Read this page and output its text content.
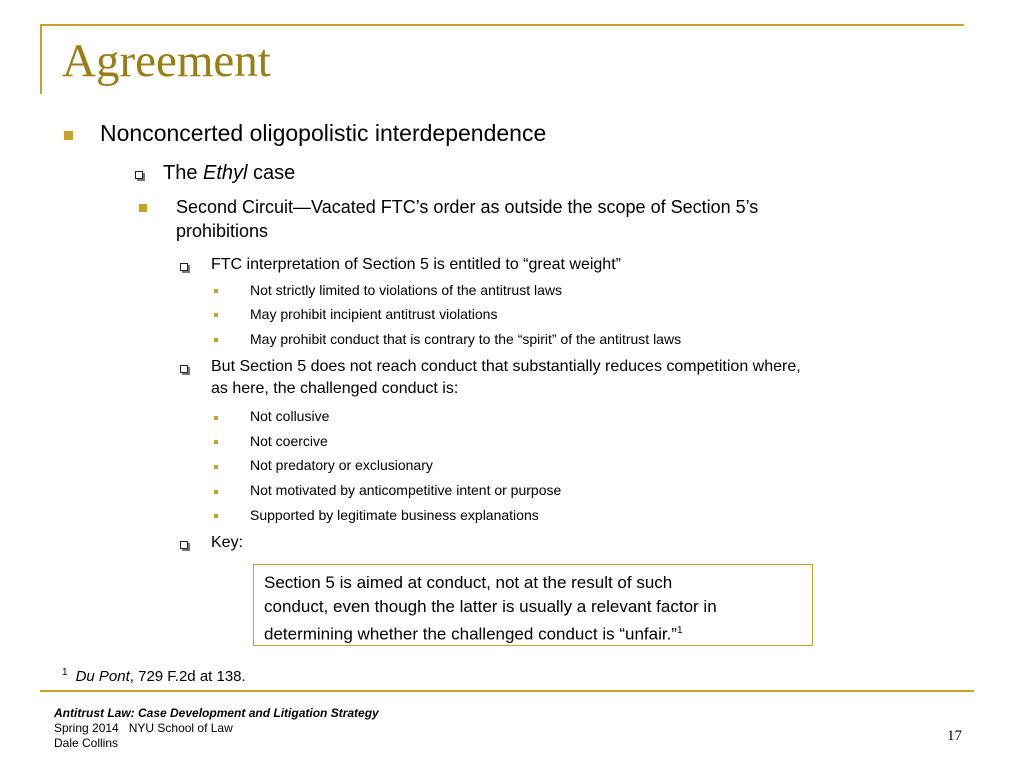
Agreement
Nonconcerted oligopolistic interdependence
The Ethyl case
Second Circuit—Vacated FTC’s order as outside the scope of Section 5’s
prohibitions
FTC interpretation of Section 5 is entitled to “great weight”
Not strictly limited to violations of the antitrust laws
May prohibit incipient antitrust violations
May prohibit conduct that is contrary to the “spirit” of the antitrust laws
But Section 5 does not reach conduct that substantially reduces competition where,
as here, the challenged conduct is:
Not collusive
Not coercive
Not predatory or exclusionary
Not motivated by anticompetitive intent or purpose
Supported by legitimate business explanations
Key:
Section 5 is aimed at conduct, not at the result of such
conduct, even though the latter is usually a relevant factor in
determining whether the challenged conduct is “unfair.”$^1$
$^1$ Du Pont, 729 F.2d at 138.
Antitrust Law: Case Development and Litigation Strategy
Spring 2014   NYU School of Law
Dale Collins	17
